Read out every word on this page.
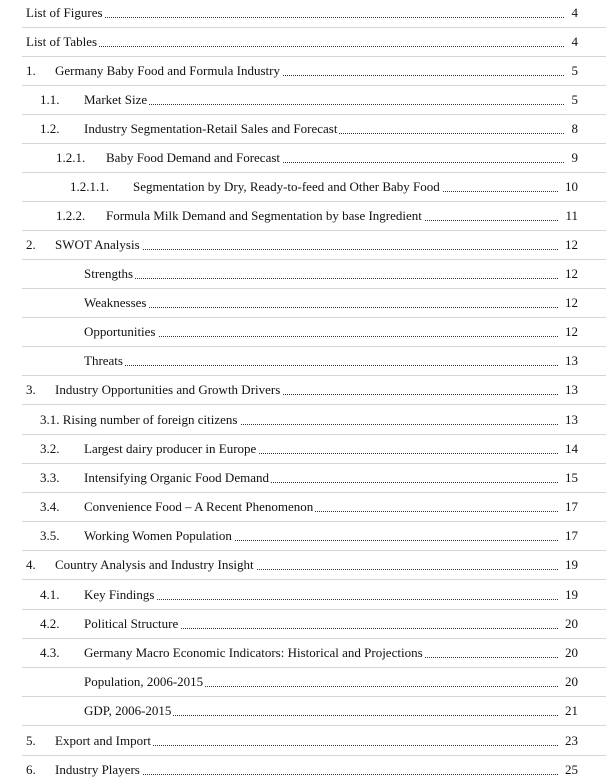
List of Figures	4
List of Tables	4
1. Germany Baby Food and Formula Industry	5
1.1. Market Size	5
1.2. Industry Segmentation-Retail Sales and Forecast	8
1.2.1. Baby Food Demand and Forecast	9
1.2.1.1. Segmentation by Dry, Ready-to-feed and Other Baby Food	10
1.2.2. Formula Milk Demand and Segmentation by base Ingredient	11
2. SWOT Analysis	12
Strengths	12
Weaknesses	12
Opportunities	12
Threats	13
3. Industry Opportunities and Growth Drivers	13
3.1. Rising number of foreign citizens	13
3.2. Largest dairy producer in Europe	14
3.3. Intensifying Organic Food Demand	15
3.4. Convenience Food – A Recent Phenomenon	17
3.5. Working Women Population	17
4. Country Analysis and Industry Insight	19
4.1. Key Findings	19
4.2. Political Structure	20
4.3. Germany Macro Economic Indicators: Historical and Projections	20
Population, 2006-2015	20
GDP, 2006-2015	21
5. Export and Import	23
6. Industry Players	25
